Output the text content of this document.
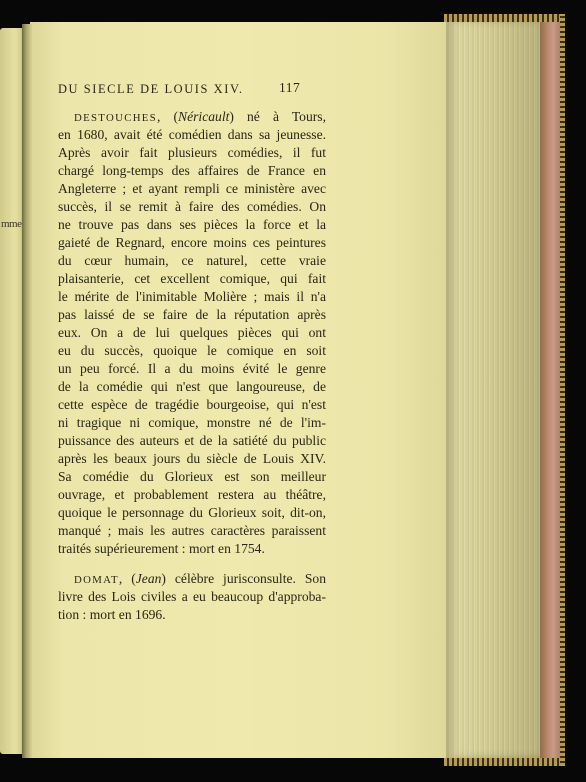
mme
DU SIECLE DE LOUIS XIV.	117
DESTOUCHES, (Néricault) né à Tours,
en 1680, avait été comédien dans sa jeunesse.
Après avoir fait plusieurs comédies, il fut
chargé long-temps des affaires de France en
Angleterre ; et ayant rempli ce ministère avec
succès, il se remit à faire des comédies. On
ne trouve pas dans ses pièces la force et la
gaieté de Regnard, encore moins ces peintures
du cœur humain, ce naturel, cette vraie
plaisanterie, cet excellent comique, qui fait
le mérite de l'inimitable Molière ; mais il n'a
pas laissé de se faire de la réputation après
eux. On a de lui quelques pièces qui ont
eu du succès, quoique le comique en soit
un peu forcé. Il a du moins évité le genre
de la comédie qui n'est que langoureuse, de
cette espèce de tragédie bourgeoise, qui n'est
ni tragique ni comique, monstre né de l'im-
puissance des auteurs et de la satiété du public
après les beaux jours du siècle de Louis XIV.
Sa comédie du Glorieux est son meilleur
ouvrage, et probablement restera au théâtre,
quoique le personnage du Glorieux soit, dit-on,
manqué ; mais les autres caractères paraissent
traités supérieurement : mort en 1754.
DOMAT, (Jean) célèbre jurisconsulte. Son
livre des Lois civiles a eu beaucoup d'approba-
tion : mort en 1696.
